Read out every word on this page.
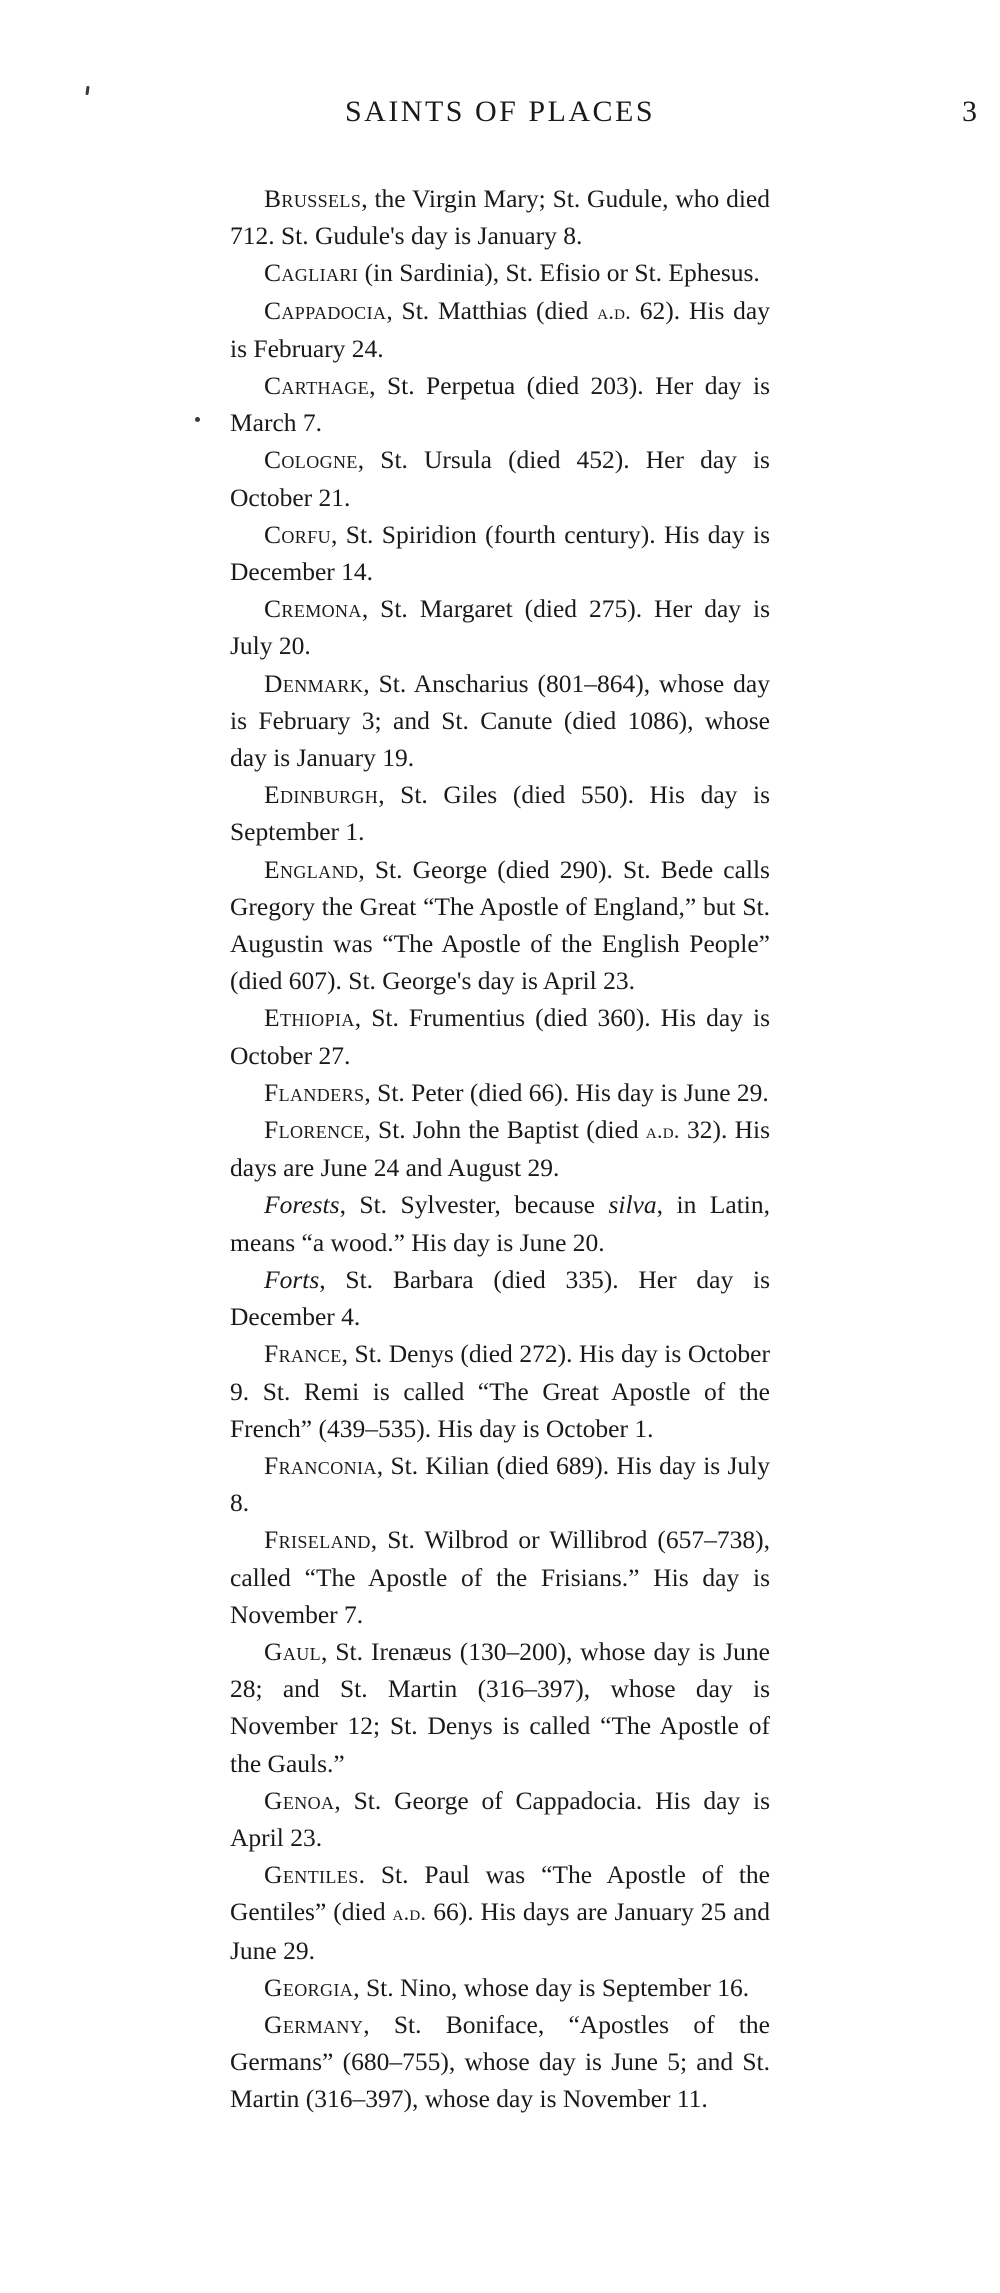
SAINTS OF PLACES	3

Brussels, the Virgin Mary; St. Gudule, who died 712. St. Gudule's day is January 8.

Cagliari (in Sardinia), St. Efisio or St. Ephesus.

Cappadocia, St. Matthias (died a.d. 62). His day is February 24.

Carthage, St. Perpetua (died 203). Her day is March 7.

Cologne, St. Ursula (died 452). Her day is October 21.

Corfu, St. Spiridion (fourth century). His day is December 14.

Cremona, St. Margaret (died 275). Her day is July 20.

Denmark, St. Anscharius (801–864), whose day is February 3; and St. Canute (died 1086), whose day is January 19.

Edinburgh, St. Giles (died 550). His day is September 1.

England, St. George (died 290). St. Bede calls Gregory the Great “The Apostle of England,” but St. Augustin was “The Apostle of the English People” (died 607). St. George's day is April 23.

Ethiopia, St. Frumentius (died 360). His day is October 27.

Flanders, St. Peter (died 66). His day is June 29.

Florence, St. John the Baptist (died a.d. 32). His days are June 24 and August 29.

Forests, St. Sylvester, because silva, in Latin, means “a wood.” His day is June 20.

Forts, St. Barbara (died 335). Her day is December 4.

France, St. Denys (died 272). His day is October 9. St. Remi is called “The Great Apostle of the French” (439–535). His day is October 1.

Franconia, St. Kilian (died 689). His day is July 8.

Friseland, St. Wilbrod or Willibrod (657–738), called “The Apostle of the Frisians.” His day is November 7.

Gaul, St. Irenæus (130–200), whose day is June 28; and St. Martin (316–397), whose day is November 12; St. Denys is called “The Apostle of the Gauls.”

Genoa, St. George of Cappadocia. His day is April 23.

Gentiles. St. Paul was “The Apostle of the Gentiles” (died a.d. 66). His days are January 25 and June 29.

Georgia, St. Nino, whose day is September 16.

Germany, St. Boniface, “Apostles of the Germans” (680–755), whose day is June 5; and St. Martin (316–397), whose day is November 11.
